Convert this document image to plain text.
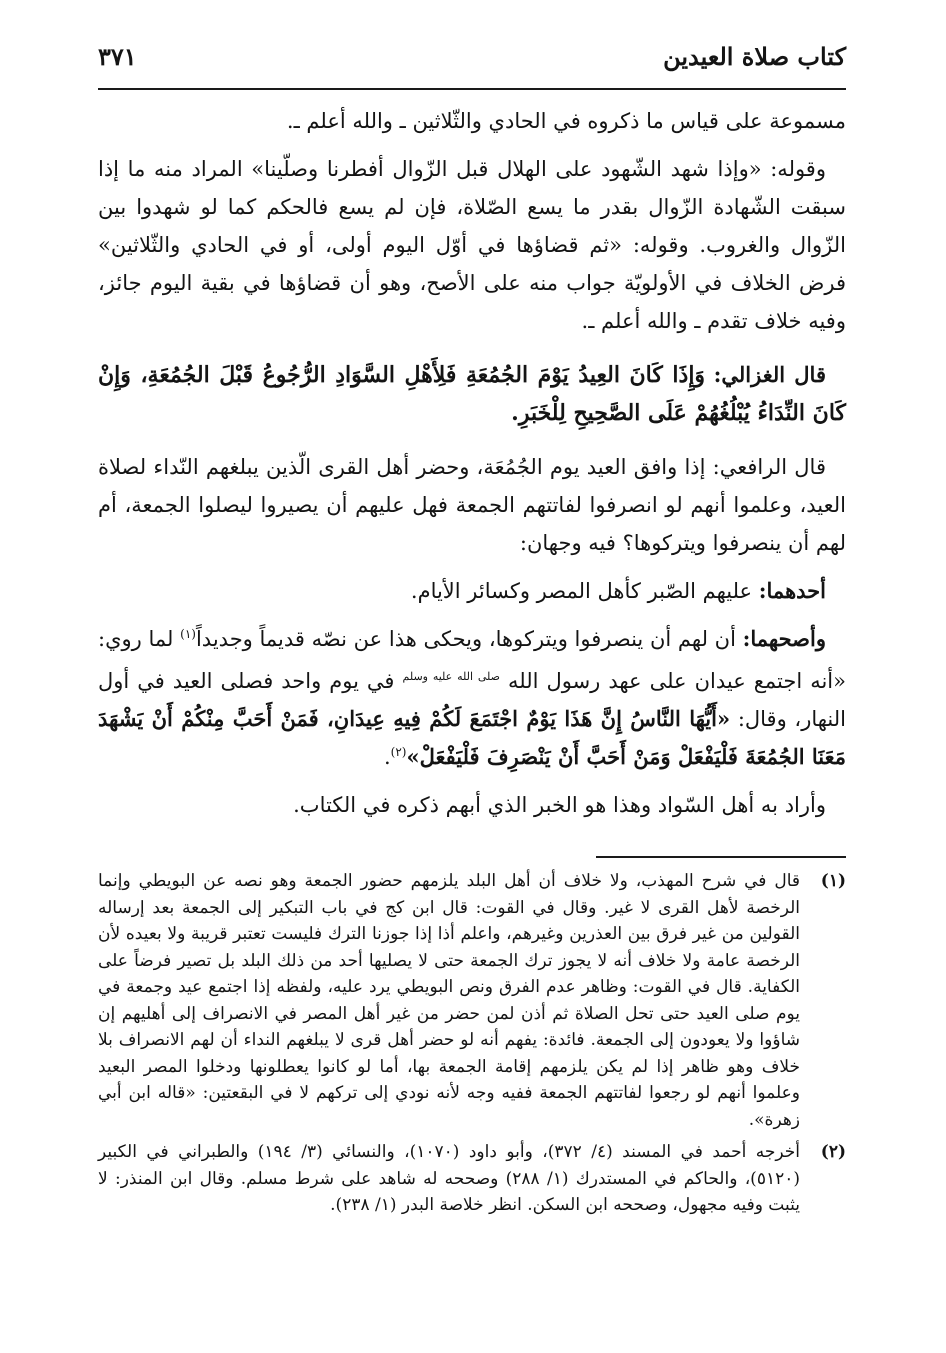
كتاب صلاة العيدين
٣٧١

مسموعة على قياس ما ذكروه في الحادي والثّلاثين ـ والله أعلم ـ.

وقوله: «وإذا شهد الشّهود على الهلال قبل الزّوال أفطرنا وصلّينا» المراد منه ما إذا سبقت الشّهادة الزّوال بقدر ما يسع الصّلاة، فإن لم يسع فالحكم كما لو شهدوا بين الزّوال والغروب. وقوله: «ثم قضاؤها في أوّل اليوم أولى، أو في الحادي والثّلاثين» فرض الخلاف في الأولويّة جواب منه على الأصح، وهو أن قضاؤها في بقية اليوم جائز، وفيه خلاف تقدم ـ والله أعلم ـ.

قال الغزالي: وَإِذَا كَانَ العِيدُ يَوْمَ الجُمُعَةِ فَلِأَهْلِ السَّوَادِ الرُّجُوعُ قَبْلَ الجُمُعَةِ، وَإِنْ كَانَ النِّدَاءُ يُبْلُغُهُمْ عَلَى الصَّحِيحِ لِلْخَبَرِ.

قال الرافعي: إذا وافق العيد يوم الجُمُعَة، وحضر أهل القرى الّذين يبلغهم النّداء لصلاة العيد، وعلموا أنهم لو انصرفوا لفاتتهم الجمعة فهل عليهم أن يصيروا ليصلوا الجمعة، أم لهم أن ينصرفوا ويتركوها؟ فيه وجهان:

أحدهما: عليهم الصّبر كأهل المصر وكسائر الأيام.

وأصحهما: أن لهم أن ينصرفوا ويتركوها، ويحكى هذا عن نصّه قديماً وجديداً$^{(١)}$ لما روي: «أنه اجتمع عيدان على عهد رسول الله $^{صلى الله عليه وسلم}$ في يوم واحد فصلى العيد في أول النهار، وقال: «أَيُّهَا النَّاسُ إِنَّ هَذَا يَوْمٌ اجْتَمَعَ لَكُمْ فِيهِ عِيدَانِ، فَمَنْ أَحَبَّ مِنْكُمْ أَنْ يَشْهَدَ مَعَنَا الجُمُعَةَ فَلْيَفْعَلْ وَمَنْ أَحَبَّ أَنْ يَنْصَرِفَ فَلْيَفْعَلْ»$^{(٢)}$.

وأراد به أهل السّواد وهذا هو الخبر الذي أبهم ذكره في الكتاب.

(١)
قال في شرح المهذب، ولا خلاف أن أهل البلد يلزمهم حضور الجمعة وهو نصه عن البويطي وإنما الرخصة لأهل القرى لا غير. وقال في القوت: قال ابن كج في باب التبكير إلى الجمعة بعد إرساله القولين من غير فرق بين العذرين وغيرهم، واعلم أذا إذا جوزنا الترك فليست تعتبر قريبة ولا بعيده لأن الرخصة عامة ولا خلاف أنه لا يجوز ترك الجمعة حتى لا يصليها أحد من ذلك البلد بل تصير فرضاً على الكفاية. قال في القوت: وظاهر عدم الفرق ونص البويطي يرد عليه، ولفظه إذا اجتمع عيد وجمعة في يوم صلى العيد حتى تحل الصلاة ثم أذن لمن حضر من غير أهل المصر في الانصراف إلى أهليهم إن شاؤوا ولا يعودون إلى الجمعة. فائدة: يفهم أنه لو حضر أهل قرى لا يبلغهم النداء أن لهم الانصراف بلا خلاف وهو ظاهر إذا لم يكن يلزمهم إقامة الجمعة بها، أما لو كانوا يعطلونها ودخلوا المصر البعيد وعلموا أنهم لو رجعوا لفاتتهم الجمعة ففيه وجه لأنه نودي إلى تركهم لا في البقعتين: «قاله ابن أبي زهرة».
(٢)
أخرجه أحمد في المسند (٤/ ٣٧٢)، وأبو داود (١٠٧٠)، والنسائي (٣/ ١٩٤) والطبراني في الكبير (٥١٢٠)، والحاكم في المستدرك (١/ ٢٨٨) وصححه له شاهد على شرط مسلم. وقال ابن المنذر: لا يثبت وفيه مجهول، وصححه ابن السكن. انظر خلاصة البدر (١/ ٢٣٨).
